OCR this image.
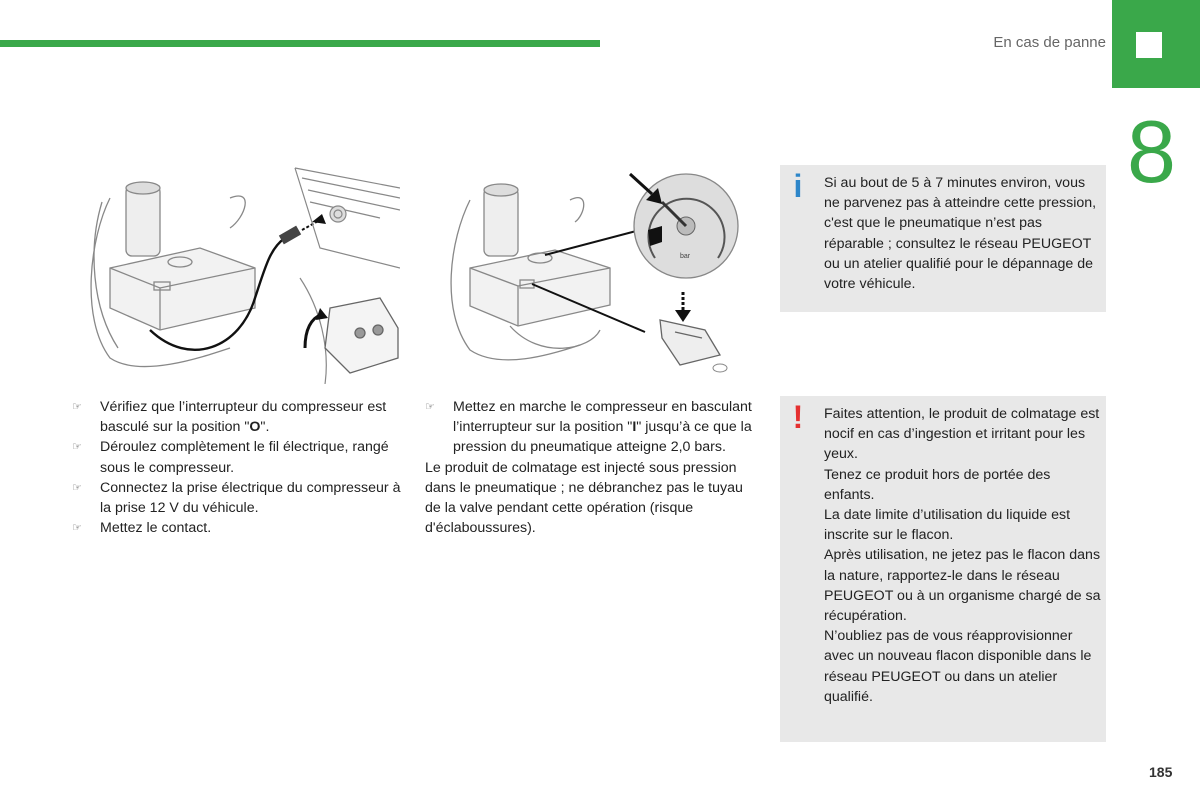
En cas de panne
8
bar
☞ Vérifiez que l’interrupteur du compresseur est basculé sur la position "O".
☞ Déroulez complètement le fil électrique, rangé sous le compresseur.
☞ Connectez la prise électrique du compresseur à la prise 12 V du véhicule.
☞ Mettez le contact.
☞ Mettez en marche le compresseur en basculant l’interrupteur sur la position "I" jusqu’à ce que la pression du pneumatique atteigne 2,0 bars.

Le produit de colmatage est injecté sous pression dans le pneumatique ; ne débranchez pas le tuyau de la valve pendant cette opération (risque d'éclaboussures).

i	Si au bout de 5 à 7 minutes environ, vous ne parvenez pas à atteindre cette pression, c'est que le pneumatique n’est pas réparable ; consultez le réseau PEUGEOT ou un atelier qualifié pour le dépannage de votre véhicule.

!	Faites attention, le produit de colmatage est nocif en cas d’ingestion et irritant pour les yeux.

Tenez ce produit hors de portée des enfants.

La date limite d’utilisation du liquide est inscrite sur le flacon.

Après utilisation, ne jetez pas le flacon dans la nature, rapportez-le dans le réseau PEUGEOT ou à un organisme chargé de sa récupération.

N’oubliez pas de vous réapprovisionner avec un nouveau flacon disponible dans le réseau PEUGEOT ou dans un atelier qualifié.

185
